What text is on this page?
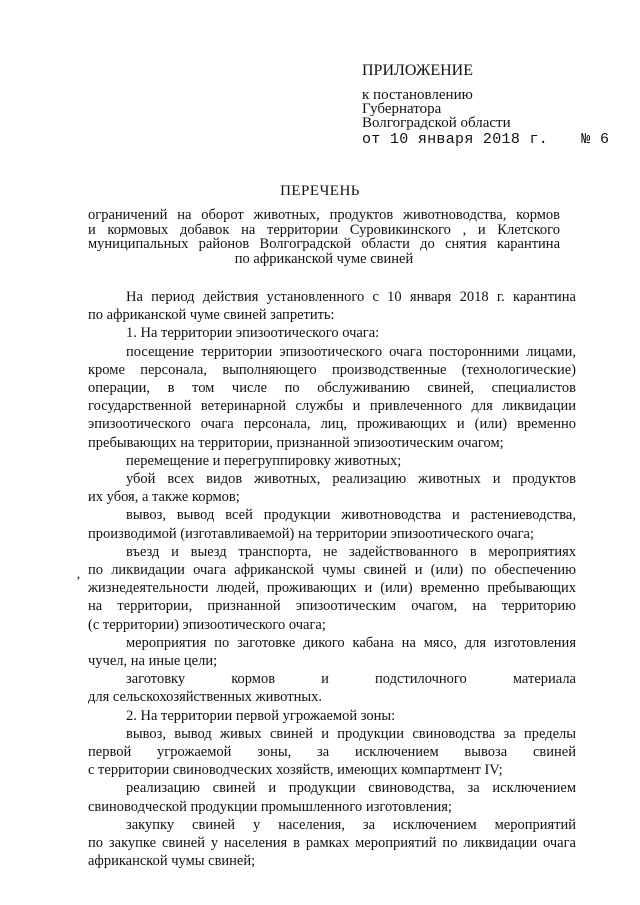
ПРИЛОЖЕНИЕ
к постановлению
Губернатора
Волгоградской области
от 10 января 2018 г. № 6
ПЕРЕЧЕНЬ
ограничений на оборот животных, продуктов животноводства, кормов
и кормовых добавок на территории Суровикинского , и Клетского
муниципальных районов Волгоградской области до снятия карантина
по африканской чуме свиней
На период действия установленного с 10 января 2018 г. карантина
по африканской чуме свиней запретить:
1. На территории эпизоотического очага:
посещение территории эпизоотического очага посторонними лицами,
кроме персонала, выполняющего производственные (технологические)
операции, в том числе по обслуживанию свиней, специалистов
государственной ветеринарной службы и привлеченного для ликвидации
эпизоотического очага персонала, лиц, проживающих и (или) временно
пребывающих на территории, признанной эпизоотическим очагом;
перемещение и перегруппировку животных;
убой всех видов животных, реализацию животных и продуктов
их убоя, а также кормов;
вывоз, вывод всей продукции животноводства и растениеводства,
производимой (изготавливаемой) на территории эпизоотического очага;
въезд и выезд транспорта, не задействованного в мероприятиях
по ликвидации очага африканской чумы свиней и (или) по обеспечению
жизнедеятельности людей, проживающих и (или) временно пребывающих
на территории, признанной эпизоотическим очагом, на территорию
(с территории) эпизоотического очага;
мероприятия по заготовке дикого кабана на мясо, для изготовления
чучел, на иные цели;
заготовку кормов и подстилочного материала
для сельскохозяйственных животных.
2. На территории первой угрожаемой зоны:
вывоз, вывод живых свиней и продукции свиноводства за пределы
первой угрожаемой зоны, за исключением вывоза свиней
с территории свиноводческих хозяйств, имеющих компартмент IV;
реализацию свиней и продукции свиноводства, за исключением
свиноводческой продукции промышленного изготовления;
закупку свиней у населения, за исключением мероприятий
по закупке свиней у населения в рамках мероприятий по ликвидации очага
африканской чумы свиней;
‚
